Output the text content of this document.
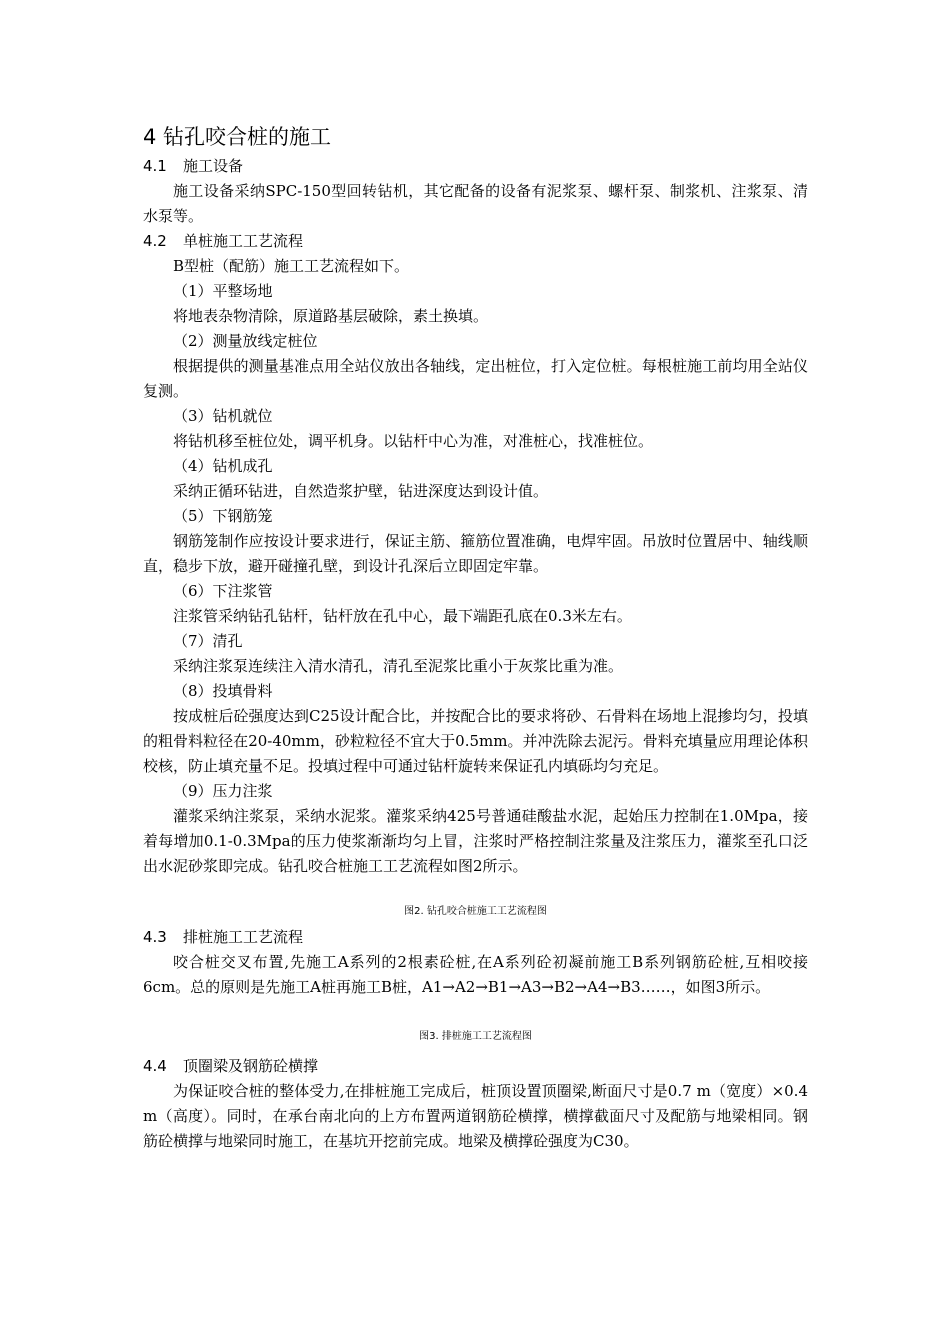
4 钻孔咬合桩的施工
4.1 施工设备

施工设备采纳SPC-150型回转钻机，其它配备的设备有泥浆泵、螺杆泵、制浆机、注浆泵、清水泵等。

4.2 单桩施工工艺流程

B型桩（配筋）施工工艺流程如下。

（1）平整场地

将地表杂物清除，原道路基层破除，素土换填。

（2）测量放线定桩位

根据提供的测量基准点用全站仪放出各轴线，定出桩位，打入定位桩。每根桩施工前均用全站仪复测。

（3）钻机就位

将钻机移至桩位处，调平机身。以钻杆中心为准，对准桩心，找准桩位。

（4）钻机成孔

采纳正循环钻进，自然造浆护壁，钻进深度达到设计值。

（5）下钢筋笼

钢筋笼制作应按设计要求进行，保证主筋、箍筋位置准确，电焊牢固。吊放时位置居中、轴线顺直，稳步下放，避开碰撞孔壁，到设计孔深后立即固定牢靠。

（6）下注浆管

注浆管采纳钻孔钻杆，钻杆放在孔中心，最下端距孔底在0.3米左右。

（7）清孔

采纳注浆泵连续注入清水清孔，清孔至泥浆比重小于灰浆比重为准。

（8）投填骨料

按成桩后砼强度达到C25设计配合比，并按配合比的要求将砂、石骨料在场地上混掺均匀，投填的粗骨料粒径在20-40mm，砂粒粒径不宜大于0.5mm。并冲洗除去泥污。骨料充填量应用理论体积校核，防止填充量不足。投填过程中可通过钻杆旋转来保证孔内填砾均匀充足。

（9）压力注浆

灌浆采纳注浆泵，采纳水泥浆。灌浆采纳425号普通硅酸盐水泥，起始压力控制在1.0Mpa，接着每增加0.1-0.3Mpa的压力使浆渐渐均匀上冒，注浆时严格控制注浆量及注浆压力，灌浆至孔口泛出水泥砂浆即完成。钻孔咬合桩施工工艺流程如图2所示。

图2. 钻孔咬合桩施工工艺流程图

4.3 排桩施工工艺流程

咬合桩交叉布置,先施工A系列的2根素砼桩,在A系列砼初凝前施工B系列钢筋砼桩,互相咬接6cm。总的原则是先施工A桩再施工B桩，A1→A2→B1→A3→B2→A4→B3……，如图3所示。

图3. 排桩施工工艺流程图

4.4 顶圈梁及钢筋砼横撑

为保证咬合桩的整体受力,在排桩施工完成后，桩顶设置顶圈梁,断面尺寸是0.7 m（宽度）×0.4 m（高度）。同时，在承台南北向的上方布置两道钢筋砼横撑，横撑截面尺寸及配筋与地梁相同。钢筋砼横撑与地梁同时施工，在基坑开挖前完成。地梁及横撑砼强度为C30。
